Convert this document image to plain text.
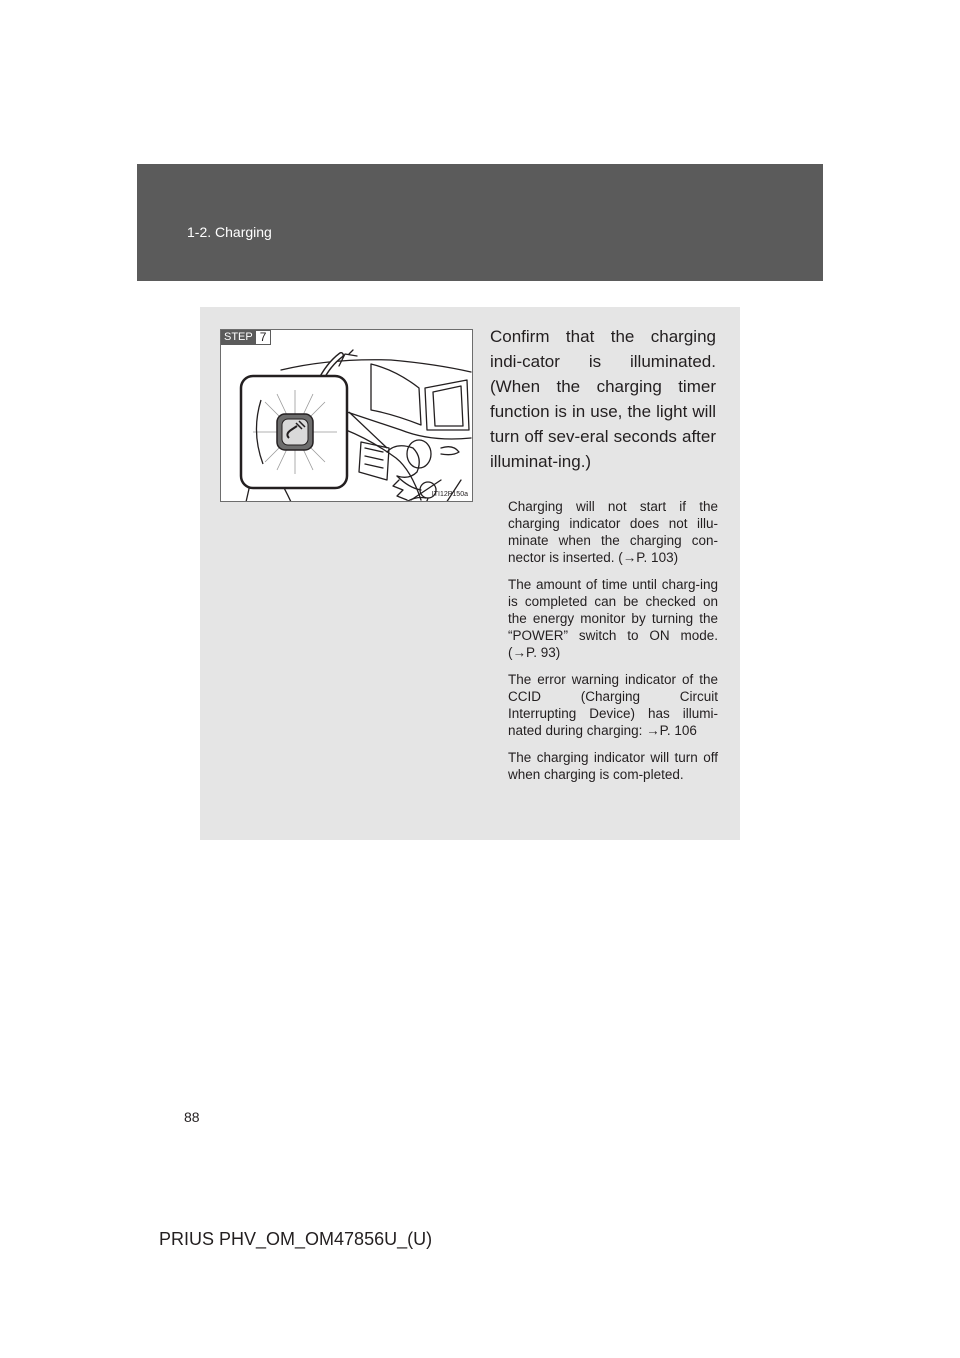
1-2. Charging
STEP 7
ITI12P150a

Confirm that the charging indi-cator is illuminated. (When the charging timer function is in use, the light will turn off sev-eral seconds after illuminat-ing.)

Charging will not start if the charging indicator does not illu-minate when the charging con-nector is inserted. (→P. 103)

The amount of time until charg-ing is completed can be checked on the energy monitor by turning the “POWER” switch to ON mode. (→P. 93)

The error warning indicator of the CCID (Charging Circuit Interrupting Device) has illumi-nated during charging: →P. 106

The charging indicator will turn off when charging is com-pleted.

88
PRIUS PHV_OM_OM47856U_(U)
